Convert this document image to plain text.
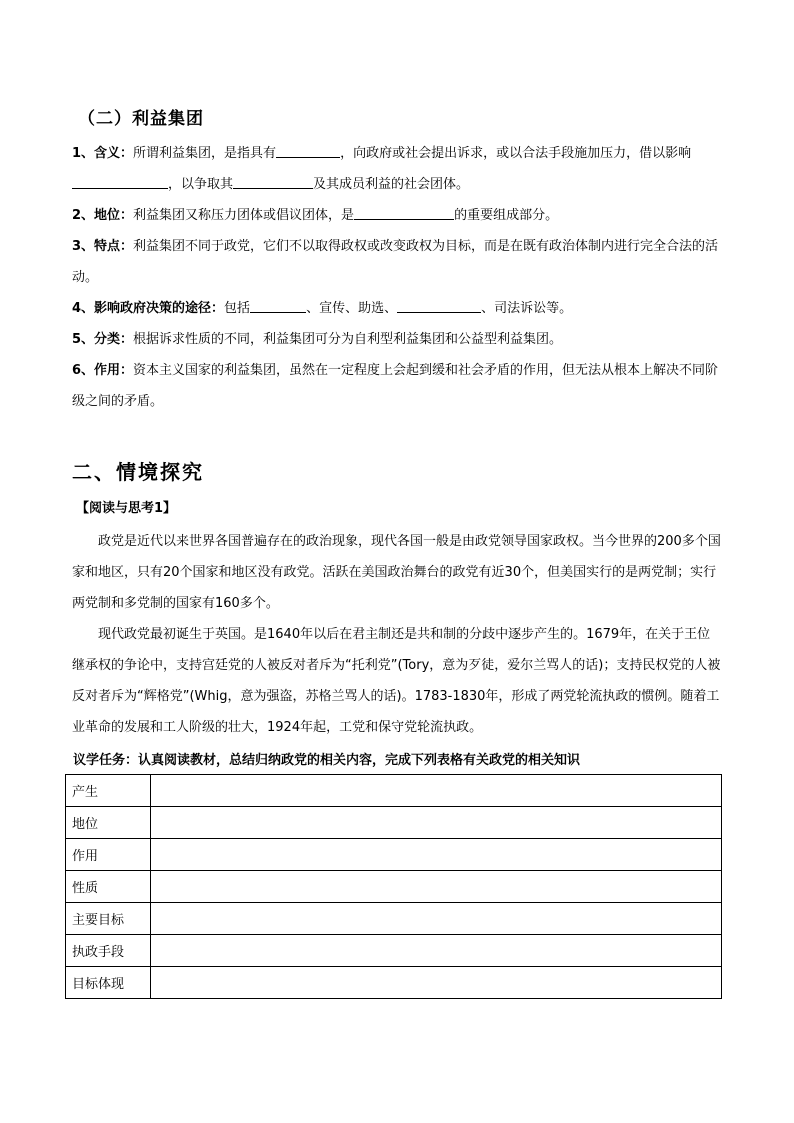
（二）利益集团
1、含义：所谓利益集团，是指具有	，向政府或社会提出诉求，或以合法手段施加压力，借以影响，以争取其	及其成员利益的社会团体。
2、地位：利益集团又称压力团体或倡议团体，是	的重要组成部分。
3、特点：利益集团不同于政党，它们不以取得政权或改变政权为目标，而是在既有政治体制内进行完全合法的活动。
4、影响政府决策的途径：包括	、宣传、助选、	、司法诉讼等。
5、分类：根据诉求性质的不同，利益集团可分为自利型利益集团和公益型利益集团。
6、作用：资本主义国家的利益集团，虽然在一定程度上会起到缓和社会矛盾的作用，但无法从根本上解决不同阶级之间的矛盾。
二、情境探究
【阅读与思考1】
政党是近代以来世界各国普遍存在的政治现象，现代各国一般是由政党领导国家政权。当今世界的200多个国家和地区，只有20个国家和地区没有政党。活跃在美国政治舞台的政党有近30个，但美国实行的是两党制；实行两党制和多党制的国家有160多个。
现代政党最初诞生于英国。是1640年以后在君主制还是共和制的分歧中逐步产生的。1679年，在关于王位继承权的争论中，支持宫廷党的人被反对者斥为“托利党”(Tory，意为歹徒，爱尔兰骂人的话)；支持民权党的人被反对者斥为“辉格党”(Whig，意为强盗，苏格兰骂人的话)。1783-1830年，形成了两党轮流执政的惯例。随着工业革命的发展和工人阶级的壮大，1924年起，工党和保守党轮流执政。
议学任务：认真阅读教材，总结归纳政党的相关内容，完成下列表格有关政党的相关知识
产生	
地位	
作用	
性质	
主要目标	
执政手段	
目标体现	
